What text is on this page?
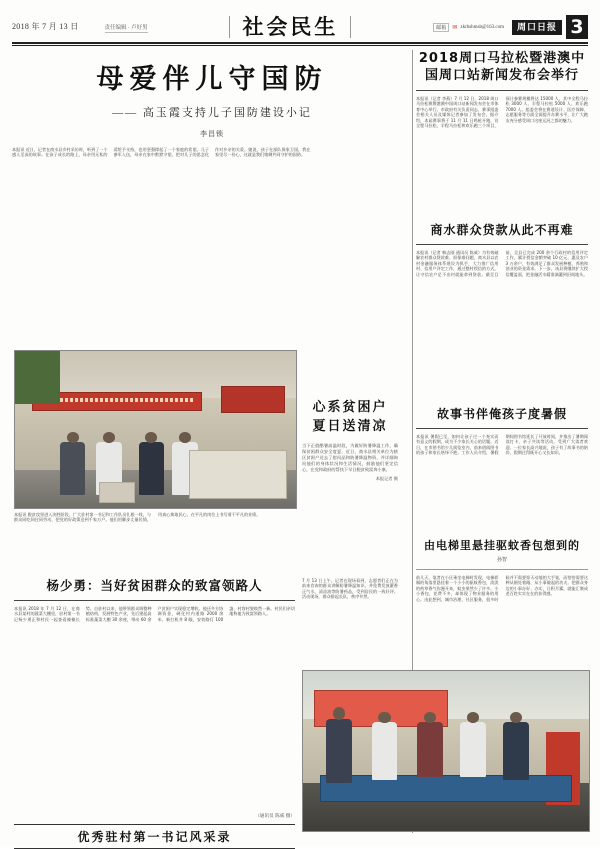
2018 年 7 月 13 日	责任编辑 · 卢好男	社会民生	邮箱	✉ zkrbshmsb@163.com	周口日报 3
母爱伴儿守国防
—— 高玉霞支持儿子国防建设小记
李昌锁
本报讯 近日，记者在商水县乡村采访时，听到了一个感人至深的故事。在孩子成长的路上，母亲用无私的爱给予支持，也用坚强撑起了一个家庭的希望。儿子参军入伍，母亲在家中默默守望，把对儿子的思念化作对乡亲的关爱。她说，孩子在部队保家卫国，我在家里尽一份心，这就是我们娘俩共同守护的国防。
心系贫困户
夏日送清凉
当下正值酷暑高温时段，为做好防暑降温工作，确保贫困群众安全度夏，近日，商水县相关单位为辖区贫困户送去了慰问品和防暑降温物资，并详细询问他们的身体状况和生活情况，鼓励他们坚定信心，在党和政府的帮扶下早日脱贫致富奔小康。
本报记者 摄
本报讯 脱贫攻坚进入决胜阶段，广大驻村第一书记和工作队员扎根一线，与群众同吃同住同劳动，把党的好政策送到千家万户。他们用脚步丈量民情，用真心换取民心，在平凡的岗位上书写着不平凡的业绩。
杨少勇：当好贫困群众的致富领路人
本报讯 2018 年 7 月 12 日，在商水县某村的蔬菜大棚里，驻村第一书记杨少勇正和村民一起查看辣椒长势。自驻村以来，他带领群众调整种植结构，发展特色产业，先后建起高标准蔬菜大棚 30 余座，带动 60 余户贫困户实现稳定增收。他还多方协调资金，硬化村内道路 2000 余米，新打机井 8 眼，安装路灯 100 盏，村容村貌焕然一新。村民们亲切地称他为致富领路人。
（通讯员 陈威 摄）
优秀驻村第一书记风采录
7 月 13 日上午，记者在现场看到，志愿者们正在为前来咨询的群众讲解防暑降温知识，并免费发放藿香正气水、清凉油等防暑药品，受到居民的一致好评。活动现场，群众排起长队，秩序井然。
2018周口马拉松暨港澳中国周口站新闻发布会举行
本报讯（记者 李燕）7 月 12 日，2018 周口马拉松赛暨港澳中国周口站新闻发布会在市体育中心举行。市政府有关负责同志、赛事组委会相关人员及媒体记者参加了发布会。据介绍，本届赛事将于 11 月 11 日鸣枪开跑，设全程马拉松、半程马拉松和欢乐跑三个项目，预计参赛规模将达 15000 人，其中全程马拉松 3000 人、半程马拉松 5000 人、欢乐跑 7000 人。组委会将在赛道设计、医疗保障、志愿服务等方面全面提升办赛水平，让广大跑友充分感受周口这座运河之都的魅力。
商水群众贷款从此不再难
本报讯（记者 韩志刚 通讯员 陈威）为有效破解农村群众贷款难、担保难问题，商水县以农村金融服务体系建设为抓手，大力推广信用村、信用户评定工作，通过整村授信的方式，让守信农户足不出村就能拿到贷款。截至目前，全县已完成 200 余个行政村的信用评定工作，累计授信金额突破 10 亿元，惠及农户 3 万余户，有效满足了群众发展种植、养殖和创业的资金需求。下一步，该县将继续扩大授信覆盖面，把金融活水精准滴灌到田间地头。
故事书伴俺孩子度暑假
本报讯 暑假已至，如何让孩子过一个充实而有意义的假期，成为不少家长关心的话题。近日，在市图书馆少儿阅览室内，前来借阅图书的孩子和家长络绎不绝。工作人员介绍，暑假期间图书馆延长了开放时间，并推出了暑期阅读打卡、亲子共读等活动，受到广大读者欢迎。一位家长高兴地说，孩子有了故事书的陪伴，假期过得既开心又长知识。
由电梯里悬挂驱蚊香包想到的
孙智
前几天，笔者在小区乘坐电梯时发现，电梯轿厢的角落里悬挂着一个小小的驱蚊香包，淡淡的药草香气弥漫开来，蚊虫果然少了许多。小小香包，花费不多，却体现了物业服务的用心。由此想到，城市治理、社区服务，很多时候并不需要惊天动地的大手笔，而恰恰需要这种从细处着眼、从小事做起的功夫。把群众身边的小事办好、办实，日积月累，就能汇聚成老百姓实实在在的获得感。
